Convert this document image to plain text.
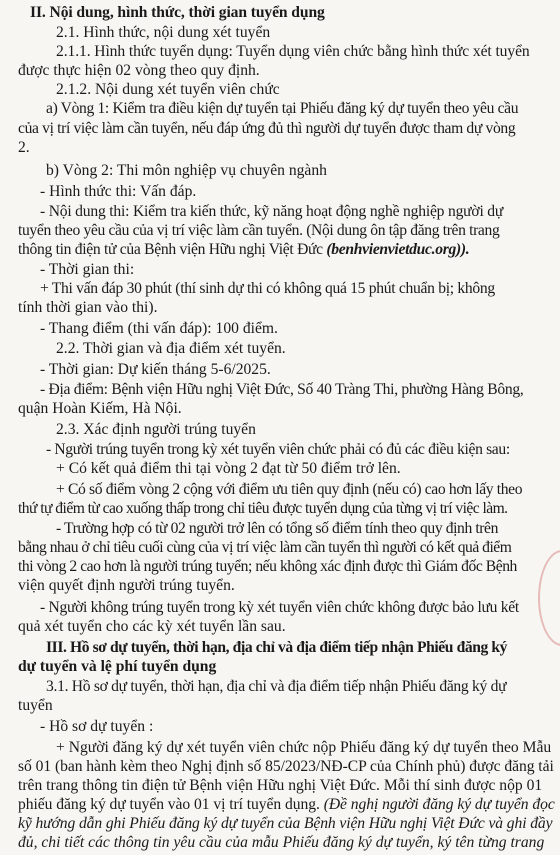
II. Nội dung, hình thức, thời gian tuyển dụng
2.1. Hình thức, nội dung xét tuyển
2.1.1. Hình thức tuyển dụng: Tuyển dụng viên chức bằng hình thức xét tuyển
được thực hiện 02 vòng theo quy định.
2.1.2. Nội dung xét tuyển viên chức
a) Vòng 1: Kiểm tra điều kiện dự tuyển tại Phiếu đăng ký dự tuyển theo yêu cầu
của vị trí việc làm cần tuyển, nếu đáp ứng đủ thì người dự tuyển được tham dự vòng
2.
b) Vòng 2: Thi môn nghiệp vụ chuyên ngành
- Hình thức thi: Vấn đáp.
- Nội dung thi: Kiểm tra kiến thức, kỹ năng hoạt động nghề nghiệp người dự
tuyển theo yêu cầu của vị trí việc làm cần tuyển. (Nội dung ôn tập đăng trên trang
thông tin điện tử của Bệnh viện Hữu nghị Việt Đức (benhvienvietduc.org)).
- Thời gian thi:
+ Thi vấn đáp 30 phút (thí sinh dự thi có không quá 15 phút chuẩn bị; không
tính thời gian vào thi).
- Thang điểm (thi vấn đáp): 100 điểm.
2.2. Thời gian và địa điểm xét tuyển.
- Thời gian: Dự kiến tháng 5-6/2025.
- Địa điểm: Bệnh viện Hữu nghị Việt Đức, Số 40 Tràng Thi, phường Hàng Bông,
quận Hoàn Kiếm, Hà Nội.
2.3. Xác định người trúng tuyển
- Người trúng tuyển trong kỳ xét tuyển viên chức phải có đủ các điều kiện sau:
+ Có kết quả điểm thi tại vòng 2 đạt từ 50 điểm trở lên.
+ Có số điểm vòng 2 cộng với điểm ưu tiên quy định (nếu có) cao hơn lấy theo
thứ tự điểm từ cao xuống thấp trong chỉ tiêu được tuyển dụng của từng vị trí việc làm.
- Trường hợp có từ 02 người trở lên có tổng số điểm tính theo quy định trên
bằng nhau ở chỉ tiêu cuối cùng của vị trí việc làm cần tuyển thì người có kết quả điểm
thi vòng 2 cao hơn là người trúng tuyển; nếu không xác định được thì Giám đốc Bệnh
viện quyết định người trúng tuyển.
- Người không trúng tuyển trong kỳ xét tuyển viên chức không được bảo lưu kết
quả xét tuyển cho các kỳ xét tuyển lần sau.
III. Hồ sơ dự tuyển, thời hạn, địa chỉ và địa điểm tiếp nhận Phiếu đăng ký
dự tuyển và lệ phí tuyển dụng
3.1. Hồ sơ dự tuyển, thời hạn, địa chỉ và địa điểm tiếp nhận Phiếu đăng ký dự
tuyển
- Hồ sơ dự tuyển :
+ Người đăng ký dự xét tuyển viên chức nộp Phiếu đăng ký dự tuyển theo Mẫu
số 01 (ban hành kèm theo Nghị định số 85/2023/NĐ-CP của Chính phủ) được đăng tải
trên trang thông tin điện tử Bệnh viện Hữu nghị Việt Đức. Mỗi thí sinh được nộp 01
phiếu đăng ký dự tuyển vào 01 vị trí tuyển dụng. (Đề nghị người đăng ký dự tuyển đọc
kỹ hướng dẫn ghi Phiếu đăng ký dự tuyển của Bệnh viện Hữu nghị Việt Đức và ghi đầy
đủ, chi tiết các thông tin yêu cầu của mẫu Phiếu đăng ký dự tuyển, ký tên từng trang
